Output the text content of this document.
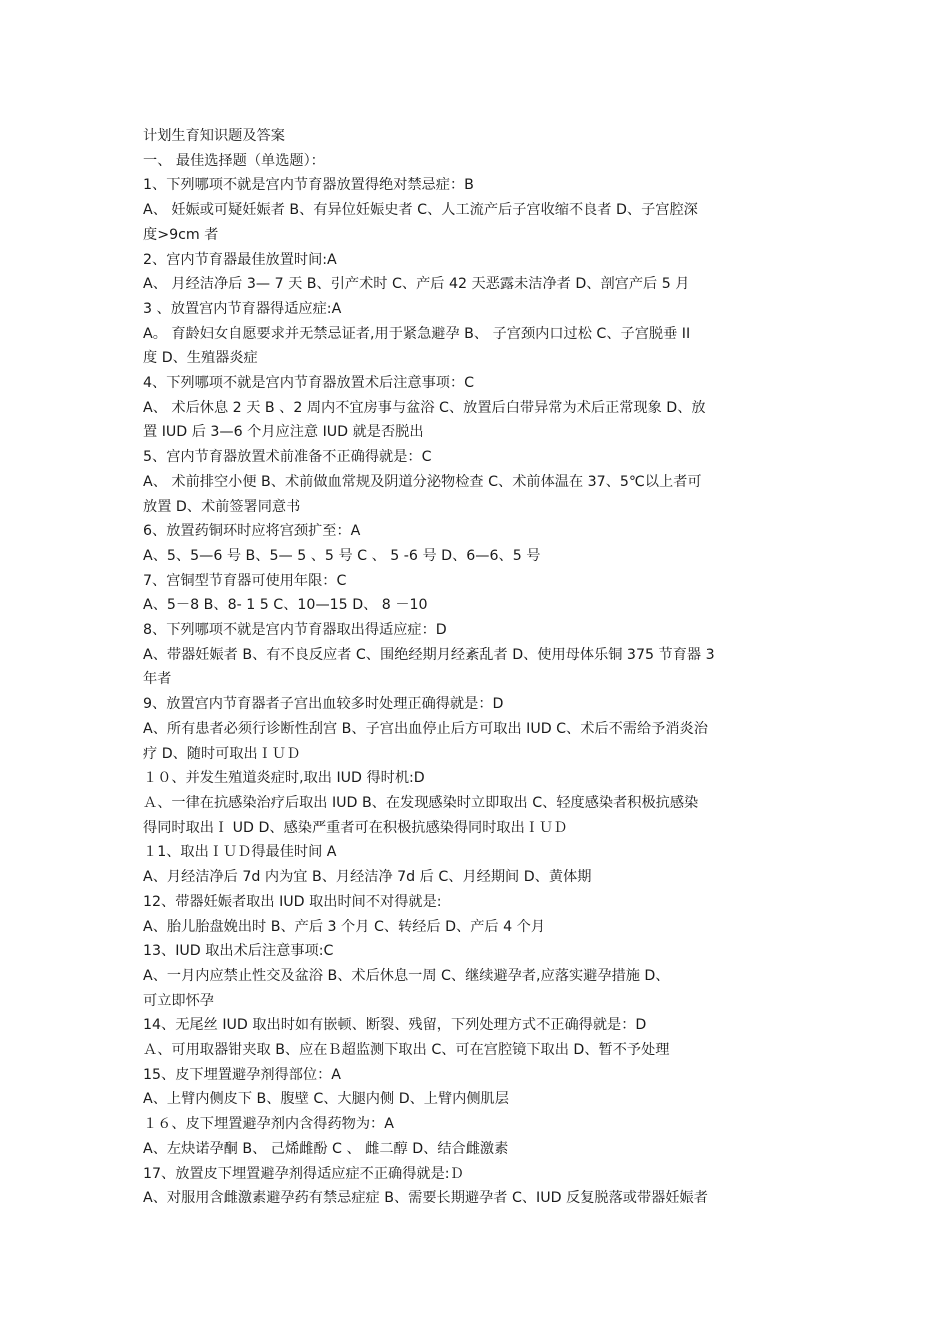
计划生育知识题及答案
一、 最佳选择题（单选题）：
1、下列哪项不就是宫内节育器放置得绝对禁忌症：B
A、 妊娠或可疑妊娠者 B、有异位妊娠史者 C、人工流产后子宫收缩不良者 D、子宫腔深
度>9cm 者
2、宫内节育器最佳放置时间:A
A、 月经洁净后 3— 7 天 B、引产术时 C、产后 42 天恶露未洁净者 D、剖宫产后 5 月
3 、放置宫内节育器得适应症:A
A。 育龄妇女自愿要求并无禁忌证者,用于紧急避孕 B、 子宫颈内口过松 C、子宫脱垂 II
度 D、生殖器炎症
4、下列哪项不就是宫内节育器放置术后注意事项：C
A、 术后休息 2 天 B 、2 周内不宜房事与盆浴 C、放置后白带异常为术后正常现象 D、放
置 IUD 后 3—6 个月应注意 IUD 就是否脱出
5、宫内节育器放置术前准备不正确得就是：C
A、 术前排空小便 B、术前做血常规及阴道分泌物检查 C、术前体温在 37、5℃以上者可
放置 D、术前签署同意书
6、放置药铜环时应将宫颈扩至：A
A、5、5—6 号 B、5— 5 、5 号 C 、 5 -6 号 D、6—6、5 号
7、宫铜型节育器可使用年限：C
A、5－8 B、8- 1 5 C、10—15 D、 8 －10
8、下列哪项不就是宫内节育器取出得适应症：D
A、带器妊娠者 B、有不良反应者 C、围绝经期月经紊乱者 D、使用母体乐铜 375 节育器 3
年者
9、放置宫内节育器者子宫出血较多时处理正确得就是：D
A、所有患者必须行诊断性刮宫 B、子宫出血停止后方可取出 IUD C、术后不需给予消炎治
疗 D、随时可取出ＩＵＤ
１０、并发生殖道炎症时,取出 IUD 得时机:D
Ａ、一律在抗感染治疗后取出 IUD B、在发现感染时立即取出 C、轻度感染者积极抗感染
得同时取出Ｉ UD D、感染严重者可在积极抗感染得同时取出ＩＵＤ
１1、取出ＩＵＤ得最佳时间 A
A、月经洁净后 7d 内为宜 B、月经洁净 7d 后 C、月经期间 D、黄体期
12、带器妊娠者取出 IUD 取出时间不对得就是:
A、胎儿胎盘娩出时 B、产后 3 个月 C、转经后 D、产后 4 个月
13、IUD 取出术后注意事项:C
A、一月内应禁止性交及盆浴 B、术后休息一周 C、继续避孕者,应落实避孕措施 D、
可立即怀孕
14、无尾丝 IUD 取出时如有嵌顿、断裂、残留，下列处理方式不正确得就是：D
Ａ、可用取器钳夹取 B、应在Ｂ超监测下取出 C、可在宫腔镜下取出 D、暂不予处理
15、皮下埋置避孕剂得部位：A
A、上臂内侧皮下 B、腹壁 C、大腿内侧 D、上臂内侧肌层
１６、皮下埋置避孕剂内含得药物为：A
A、左炔诺孕酮 B、 己烯雌酚 C 、 雌二醇 D、结合雌激素
17、放置皮下埋置避孕剂得适应症不正确得就是:Ｄ
A、对服用含雌激素避孕药有禁忌症症 B、需要长期避孕者 C、IUD 反复脱落或带器妊娠者
